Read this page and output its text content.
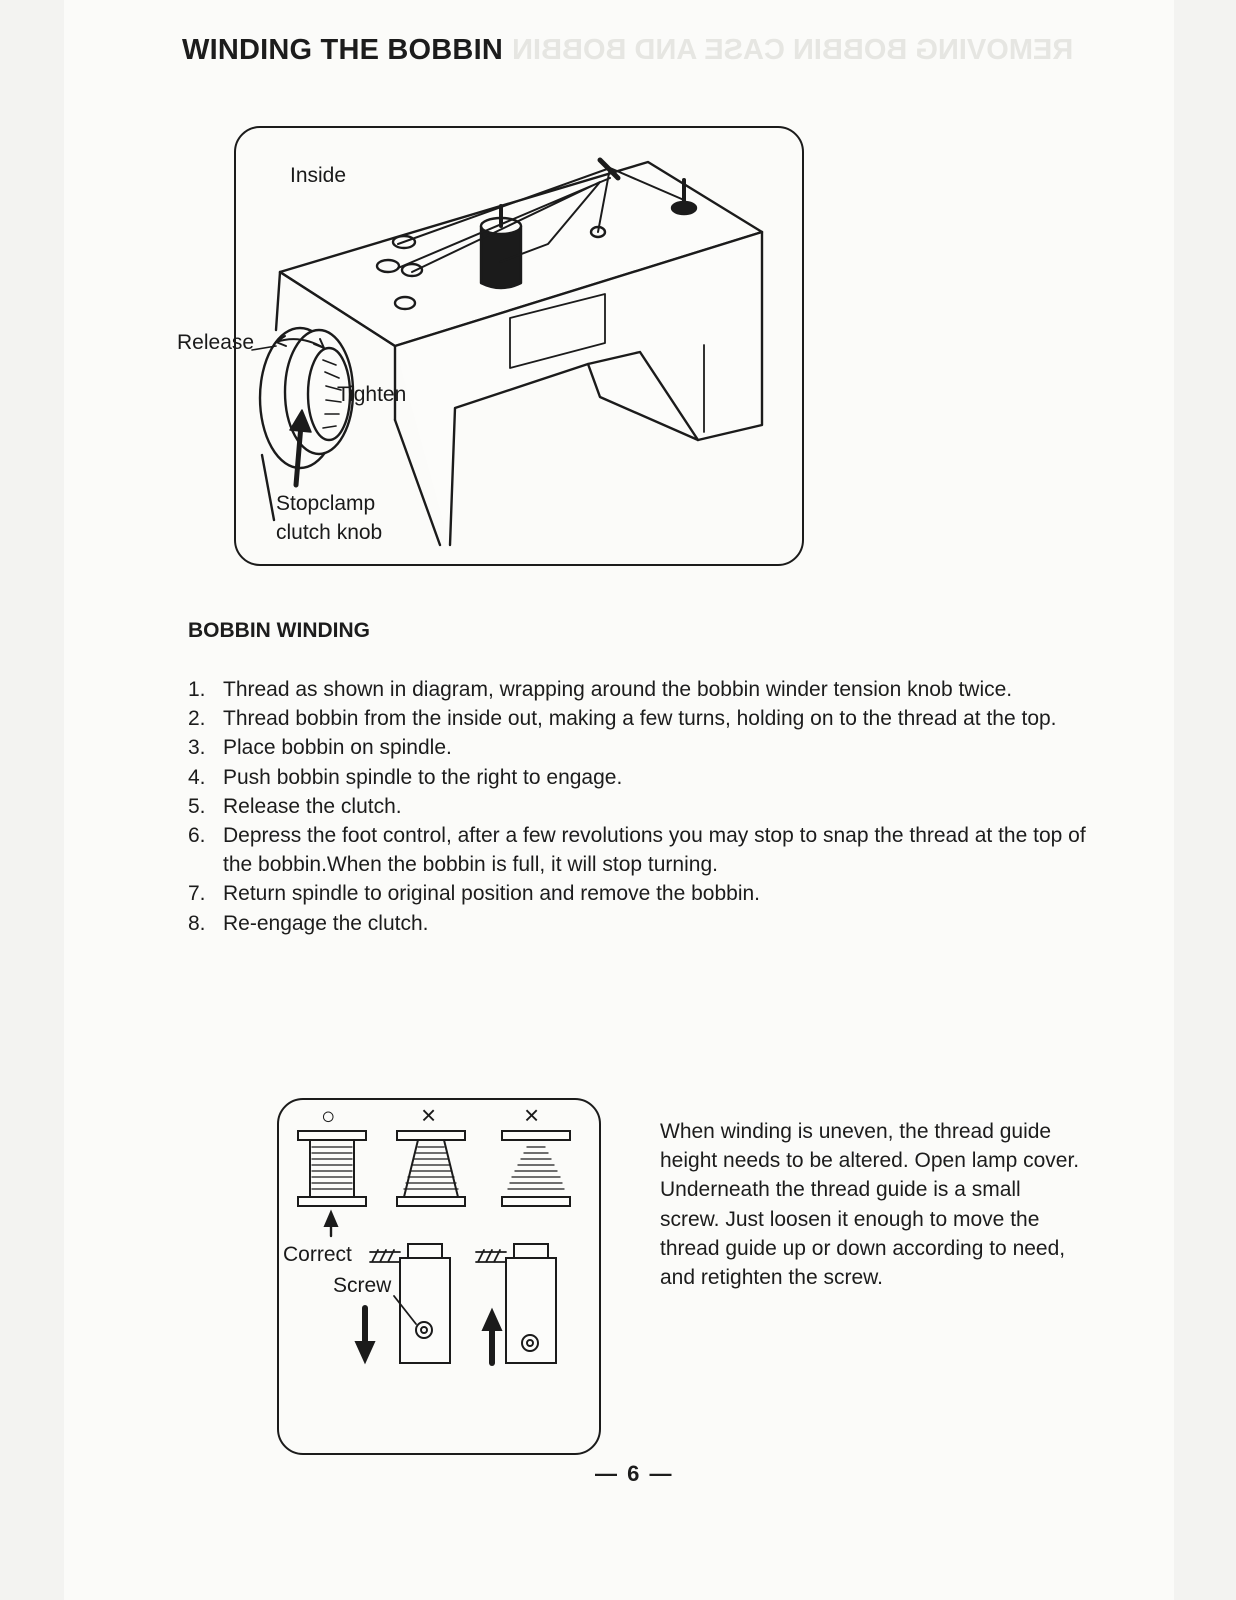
REMOVING BOBBIN CASE AND BOBBIN
WINDING THE BOBBIN
Inside
Release
Tighten
Stopclamp
clutch knob
BOBBIN WINDING
1. Thread as shown in diagram, wrapping around the bobbin winder tension knob twice.
2. Thread bobbin from the inside out, making a few turns, holding on to the thread at the top.
3. Place bobbin on spindle.
4. Push bobbin spindle to the right to engage.
5. Release the clutch.
6. Depress the foot control, after a few revolutions you may stop to snap the thread at the top of the bobbin.When the bobbin is full, it will stop turning.
7. Return spindle to original position and remove the bobbin.
8. Re-engage the clutch.
○	×	×
Correct
Screw

When winding is uneven, the thread guide height needs to be altered. Open lamp cover. Underneath the thread guide is a small screw. Just loosen it enough to move the thread guide up or down according to need, and retighten the screw.

— 6 —
